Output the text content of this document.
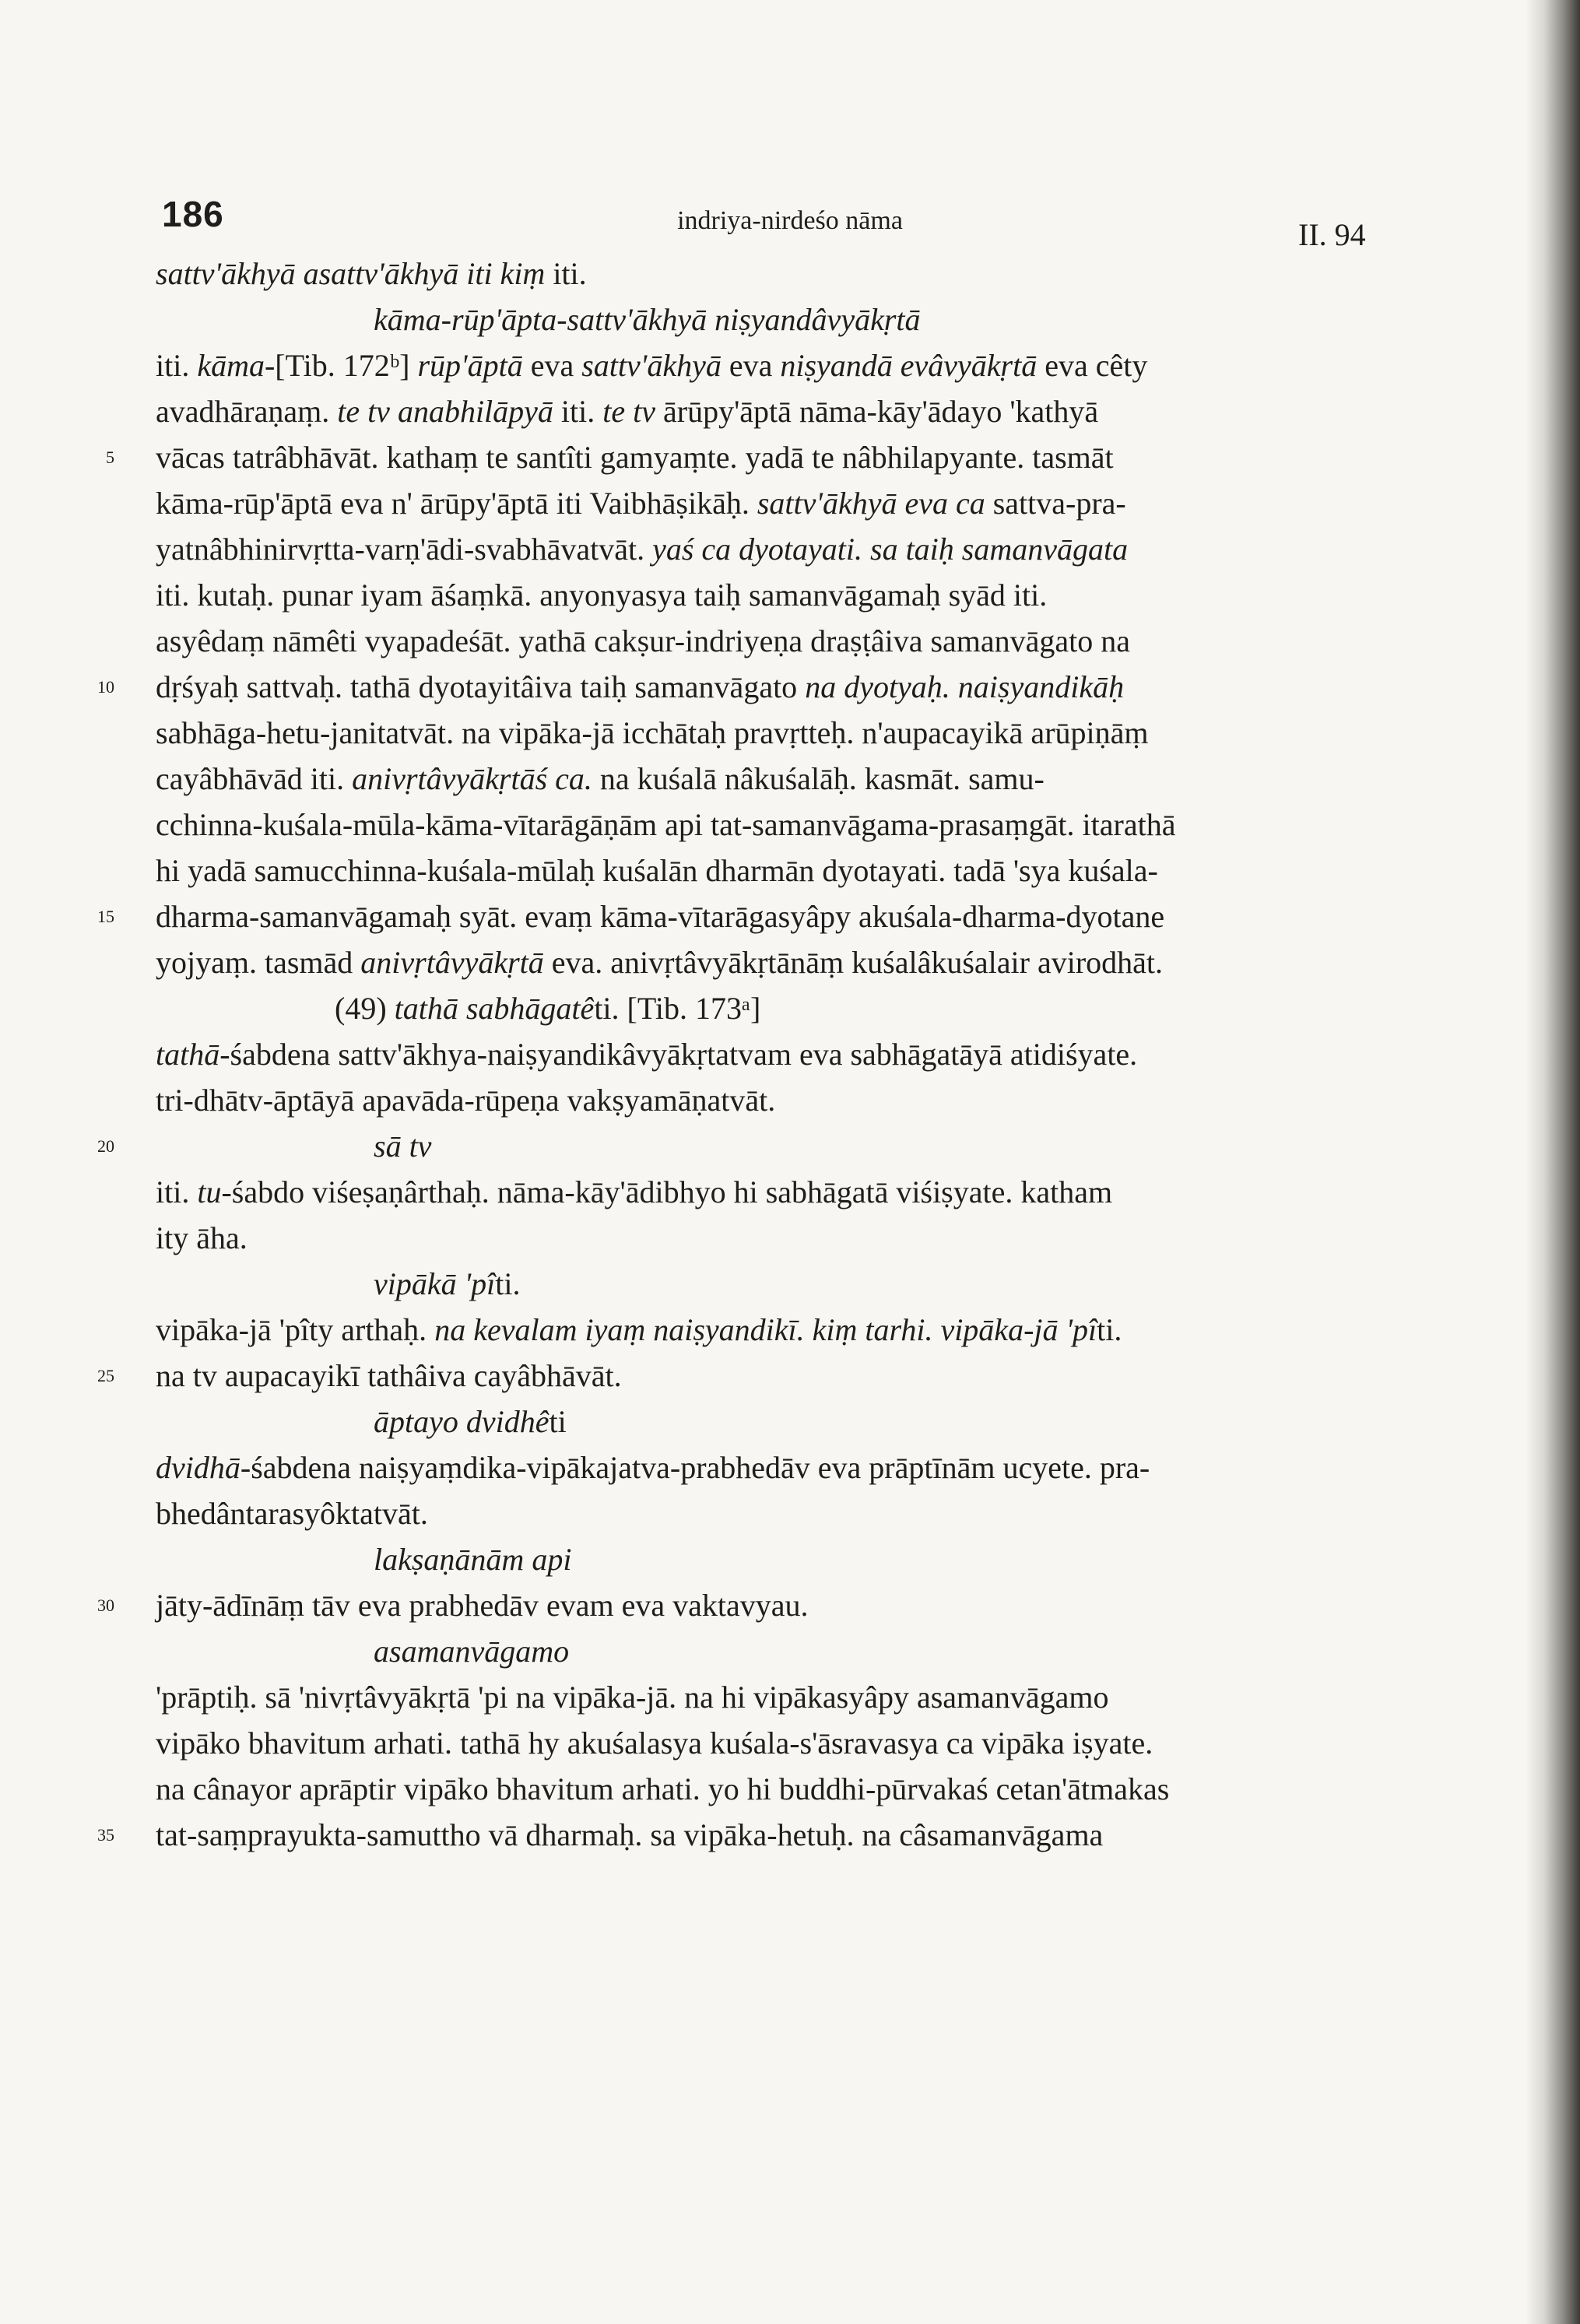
186	indriya-nirdeśo nāma	II. 94
sattv'ākhyā asattv'ākhyā iti kiṃ iti.
kāma-rūp'āpta-sattv'ākhyā niṣyandâvyākṛtā
iti. kāma-[Tib. 172ᵇ] rūp'āptā eva sattv'ākhyā eva niṣyandā evâvyākṛtā eva cêty
avadhāraṇaṃ. te tv anabhilāpyā iti. te tv ārūpy'āptā nāma-kāy'ādayo 'kathyā
5 vācas tatrâbhāvāt. kathaṃ te santîti gamyaṃte. yadā te nâbhilapyante. tasmāt
kāma-rūp'āptā eva n' ārūpy'āptā iti Vaibhāṣikāḥ. sattv'ākhyā eva ca sattva-pra-
yatnâbhinirvṛtta-varṇ'ādi-svabhāvatvāt. yaś ca dyotayati. sa taiḥ samanvāgata
iti. kutaḥ. punar iyam āśaṃkā. anyonyasya taiḥ samanvāgamaḥ syād iti.
asyêdaṃ nāmêti vyapadeśāt. yathā cakṣur-indriyeṇa draṣṭâiva samanvāgato na
10 dṛśyaḥ sattvaḥ. tathā dyotayitâiva taiḥ samanvāgato na dyotyaḥ. naiṣyandikāḥ
sabhāga-hetu-janitatvāt. na vipāka-jā icchātaḥ pravṛtteḥ. n'aupacayikā arūpiṇāṃ
cayâbhāvād iti. anivṛtâvyākṛtāś ca. na kuśalā nâkuśalāḥ. kasmāt. samu-
cchinna-kuśala-mūla-kāma-vītarāgāṇām api tat-samanvāgama-prasaṃgāt. itarathā
hi yadā samucchinna-kuśala-mūlaḥ kuśalān dharmān dyotayati. tadā 'sya kuśala-
15 dharma-samanvāgamaḥ syāt. evaṃ kāma-vītarāgasyâpy akuśala-dharma-dyotane
yojyaṃ. tasmād anivṛtâvyākṛtā eva. anivṛtâvyākṛtānāṃ kuśalâkuśalair avirodhāt.
(49) tathā sabhāgatêti. [Tib. 173ᵃ]
tathā-śabdena sattv'ākhya-naiṣyandikâvyākṛtatvam eva sabhāgatāyā atidiśyate.
tri-dhātv-āptāyā apavāda-rūpeṇa vakṣyamāṇatvāt.
20	sā tv
iti. tu-śabdo viśeṣaṇârthaḥ. nāma-kāy'ādibhyo hi sabhāgatā viśiṣyate. katham
ity āha.
vipākā 'pîti.
vipāka-jā 'pîty arthaḥ. na kevalam iyaṃ naiṣyandikī. kiṃ tarhi. vipāka-jā 'pîti.
25 na tv aupacayikī tathâiva cayâbhāvāt.
āptayo dvidhêti
dvidhā-śabdena naiṣyaṃdika-vipākajatva-prabhedāv eva prāptīnām ucyete. pra-
bhedântarasyôktatvāt.
lakṣaṇānām api
30 jāty-ādīnāṃ tāv eva prabhedāv evam eva vaktavyau.
asamanvāgamo
'prāptiḥ. sā 'nivṛtâvyākṛtā 'pi na vipāka-jā. na hi vipākasyâpy asamanvāgamo
vipāko bhavitum arhati. tathā hy akuśalasya kuśala-s'āsravasya ca vipāka iṣyate.
na cânayor aprāptir vipāko bhavitum arhati. yo hi buddhi-pūrvakaś cetan'ātmakas
35 tat-saṃprayukta-samuttho vā dharmaḥ. sa vipāka-hetuḥ. na câsamanvāgama
